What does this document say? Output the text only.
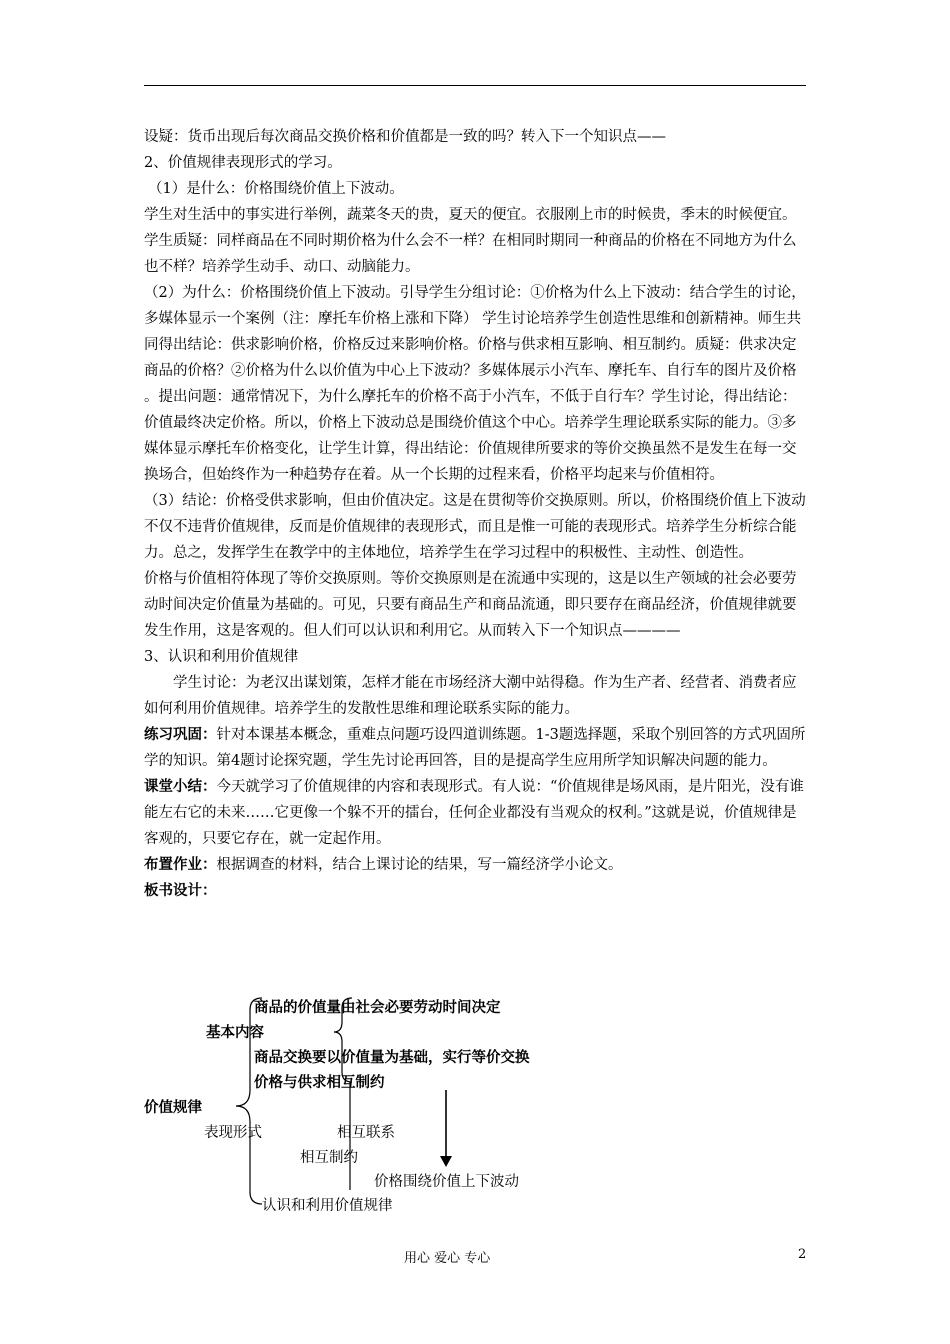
设疑：货币出现后每次商品交换价格和价值都是一致的吗？转入下一个知识点——

2、价值规律表现形式的学习。

（1）是什么：价格围绕价值上下波动。

学生对生活中的事实进行举例，蔬菜冬天的贵，夏天的便宜。衣服刚上市的时候贵，季末的时候便宜。学生质疑：同样商品在不同时期价格为什么会不一样？在相同时期同一种商品的价格在不同地方为什么也不样？培养学生动手、动口、动脑能力。

（2）为什么：价格围绕价值上下波动。引导学生分组讨论：①价格为什么上下波动：结合学生的讨论，多媒体显示一个案例（注：摩托车价格上涨和下降） 学生讨论培养学生创造性思维和创新精神。师生共同得出结论：供求影响价格，价格反过来影响价格。价格与供求相互影响、相互制约。质疑：供求决定商品的价格？②价格为什么以价值为中心上下波动？多媒体展示小汽车、摩托车、自行车的图片及价格 。提出问题：通常情况下，为什么摩托车的价格不高于小汽车，不低于自行车？学生讨论，得出结论：价值最终决定价格。所以，价格上下波动总是围绕价值这个中心。培养学生理论联系实际的能力。③多媒体显示摩托车价格变化，让学生计算，得出结论：价值规律所要求的等价交换虽然不是发生在每一交换场合，但始终作为一种趋势存在着。从一个长期的过程来看，价格平均起来与价值相符。

（3）结论：价格受供求影响，但由价值决定。这是在贯彻等价交换原则。所以，价格围绕价值上下波动不仅不违背价值规律，反而是价值规律的表现形式，而且是惟一可能的表现形式。培养学生分析综合能力。总之，发挥学生在教学中的主体地位，培养学生在学习过程中的积极性、主动性、创造性。

价格与价值相符体现了等价交换原则。等价交换原则是在流通中实现的，这是以生产领域的社会必要劳动时间决定价值量为基础的。可见，只要有商品生产和商品流通，即只要存在商品经济，价值规律就要发生作用，这是客观的。但人们可以认识和利用它。从而转入下一个知识点————

3、认识和利用价值规律

学生讨论：为老汉出谋划策，怎样才能在市场经济大潮中站得稳。作为生产者、经营者、消费者应如何利用价值规律。培养学生的发散性思维和理论联系实际的能力。

练习巩固：针对本课基本概念，重难点问题巧设四道训练题。1-3题选择题，采取个别回答的方式巩固所学的知识。第4题讨论探究题，学生先讨论再回答，目的是提高学生应用所学知识解决问题的能力。

课堂小结：今天就学习了价值规律的内容和表现形式。有人说：“价值规律是场风雨，是片阳光，没有谁能左右它的未来……它更像一个躲不开的擂台，任何企业都没有当观众的权利。”这就是说，价值规律是客观的，只要它存在，就一定起作用。

布置作业：根据调查的材料，结合上课讨论的结果，写一篇经济学小论文。

板书设计：

商品的价值量由社会必要劳动时间决定
基本内容
商品交换要以价值量为基础，实行等价交换
价格与供求相互制约
价值规律
表现形式	相互联系
相互制约
价格围绕价值上下波动
认识和利用价值规律
用心 爱心 专心	2
